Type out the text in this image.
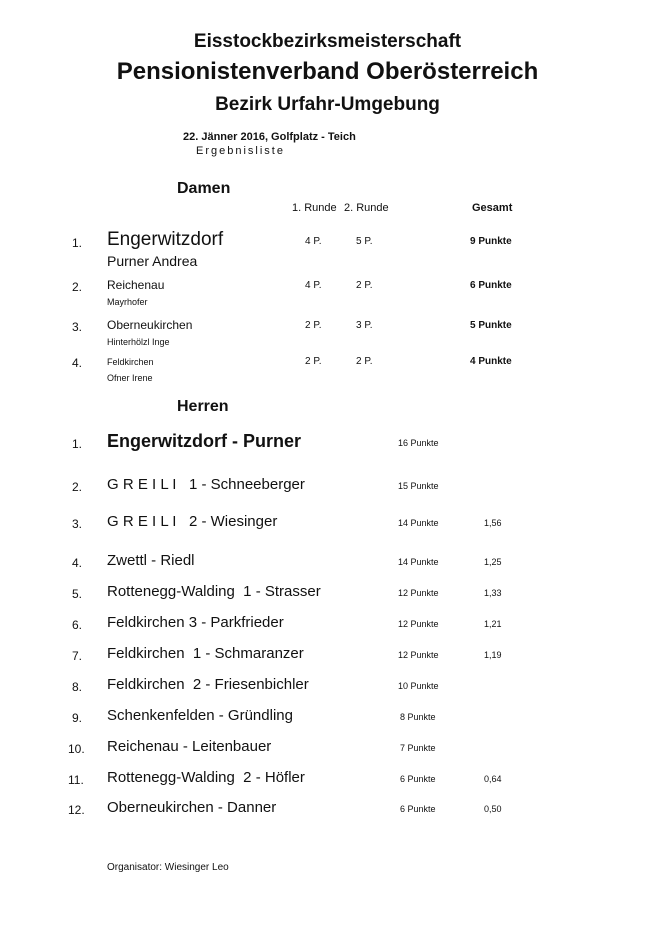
Eisstockbezirksmeisterschaft
Pensionistenverband Oberösterreich
Bezirk Urfahr-Umgebung
22. Jänner 2016, Golfplatz - Teich
Ergebnisliste
Damen
1. Runde 2. Runde	Gesamt
1. Engerwitzdorf
Purner Andrea
4 P.	5 P.	9 Punkte
2. Reichenau
Mayrhofer
4 P.	2 P.	6 Punkte
3. Oberneukirchen
Hinterhölzl Inge
2 P.	3 P.	5 Punkte
4.	Feldkirchen
Ofner Irene
2 P.	2 P.	4 Punkte
Herren
1. Engerwitzdorf - Purner	16 Punkte
2. G R E I L I   1 - Schneeberger	15 Punkte
3. G R E I L I   2 - Wiesinger	14 Punkte	1,56
4. Zwettl - Riedl	14 Punkte	1,25
5. Rottenegg-Walding  1 - Strasser	12 Punkte	1,33
6. Feldkirchen 3 - Parkfrieder	12 Punkte	1,21
7. Feldkirchen  1 - Schmaranzer	12 Punkte	1,19
8. Feldkirchen  2 - Friesenbichler	10 Punkte
9. Schenkenfelden - Gründling	8 Punkte
10. Reichenau - Leitenbauer	7 Punkte
11. Rottenegg-Walding  2 - Höfler	6 Punkte	0,64
12. Oberneukirchen - Danner	6 Punkte	0,50
Organisator: Wiesinger Leo
